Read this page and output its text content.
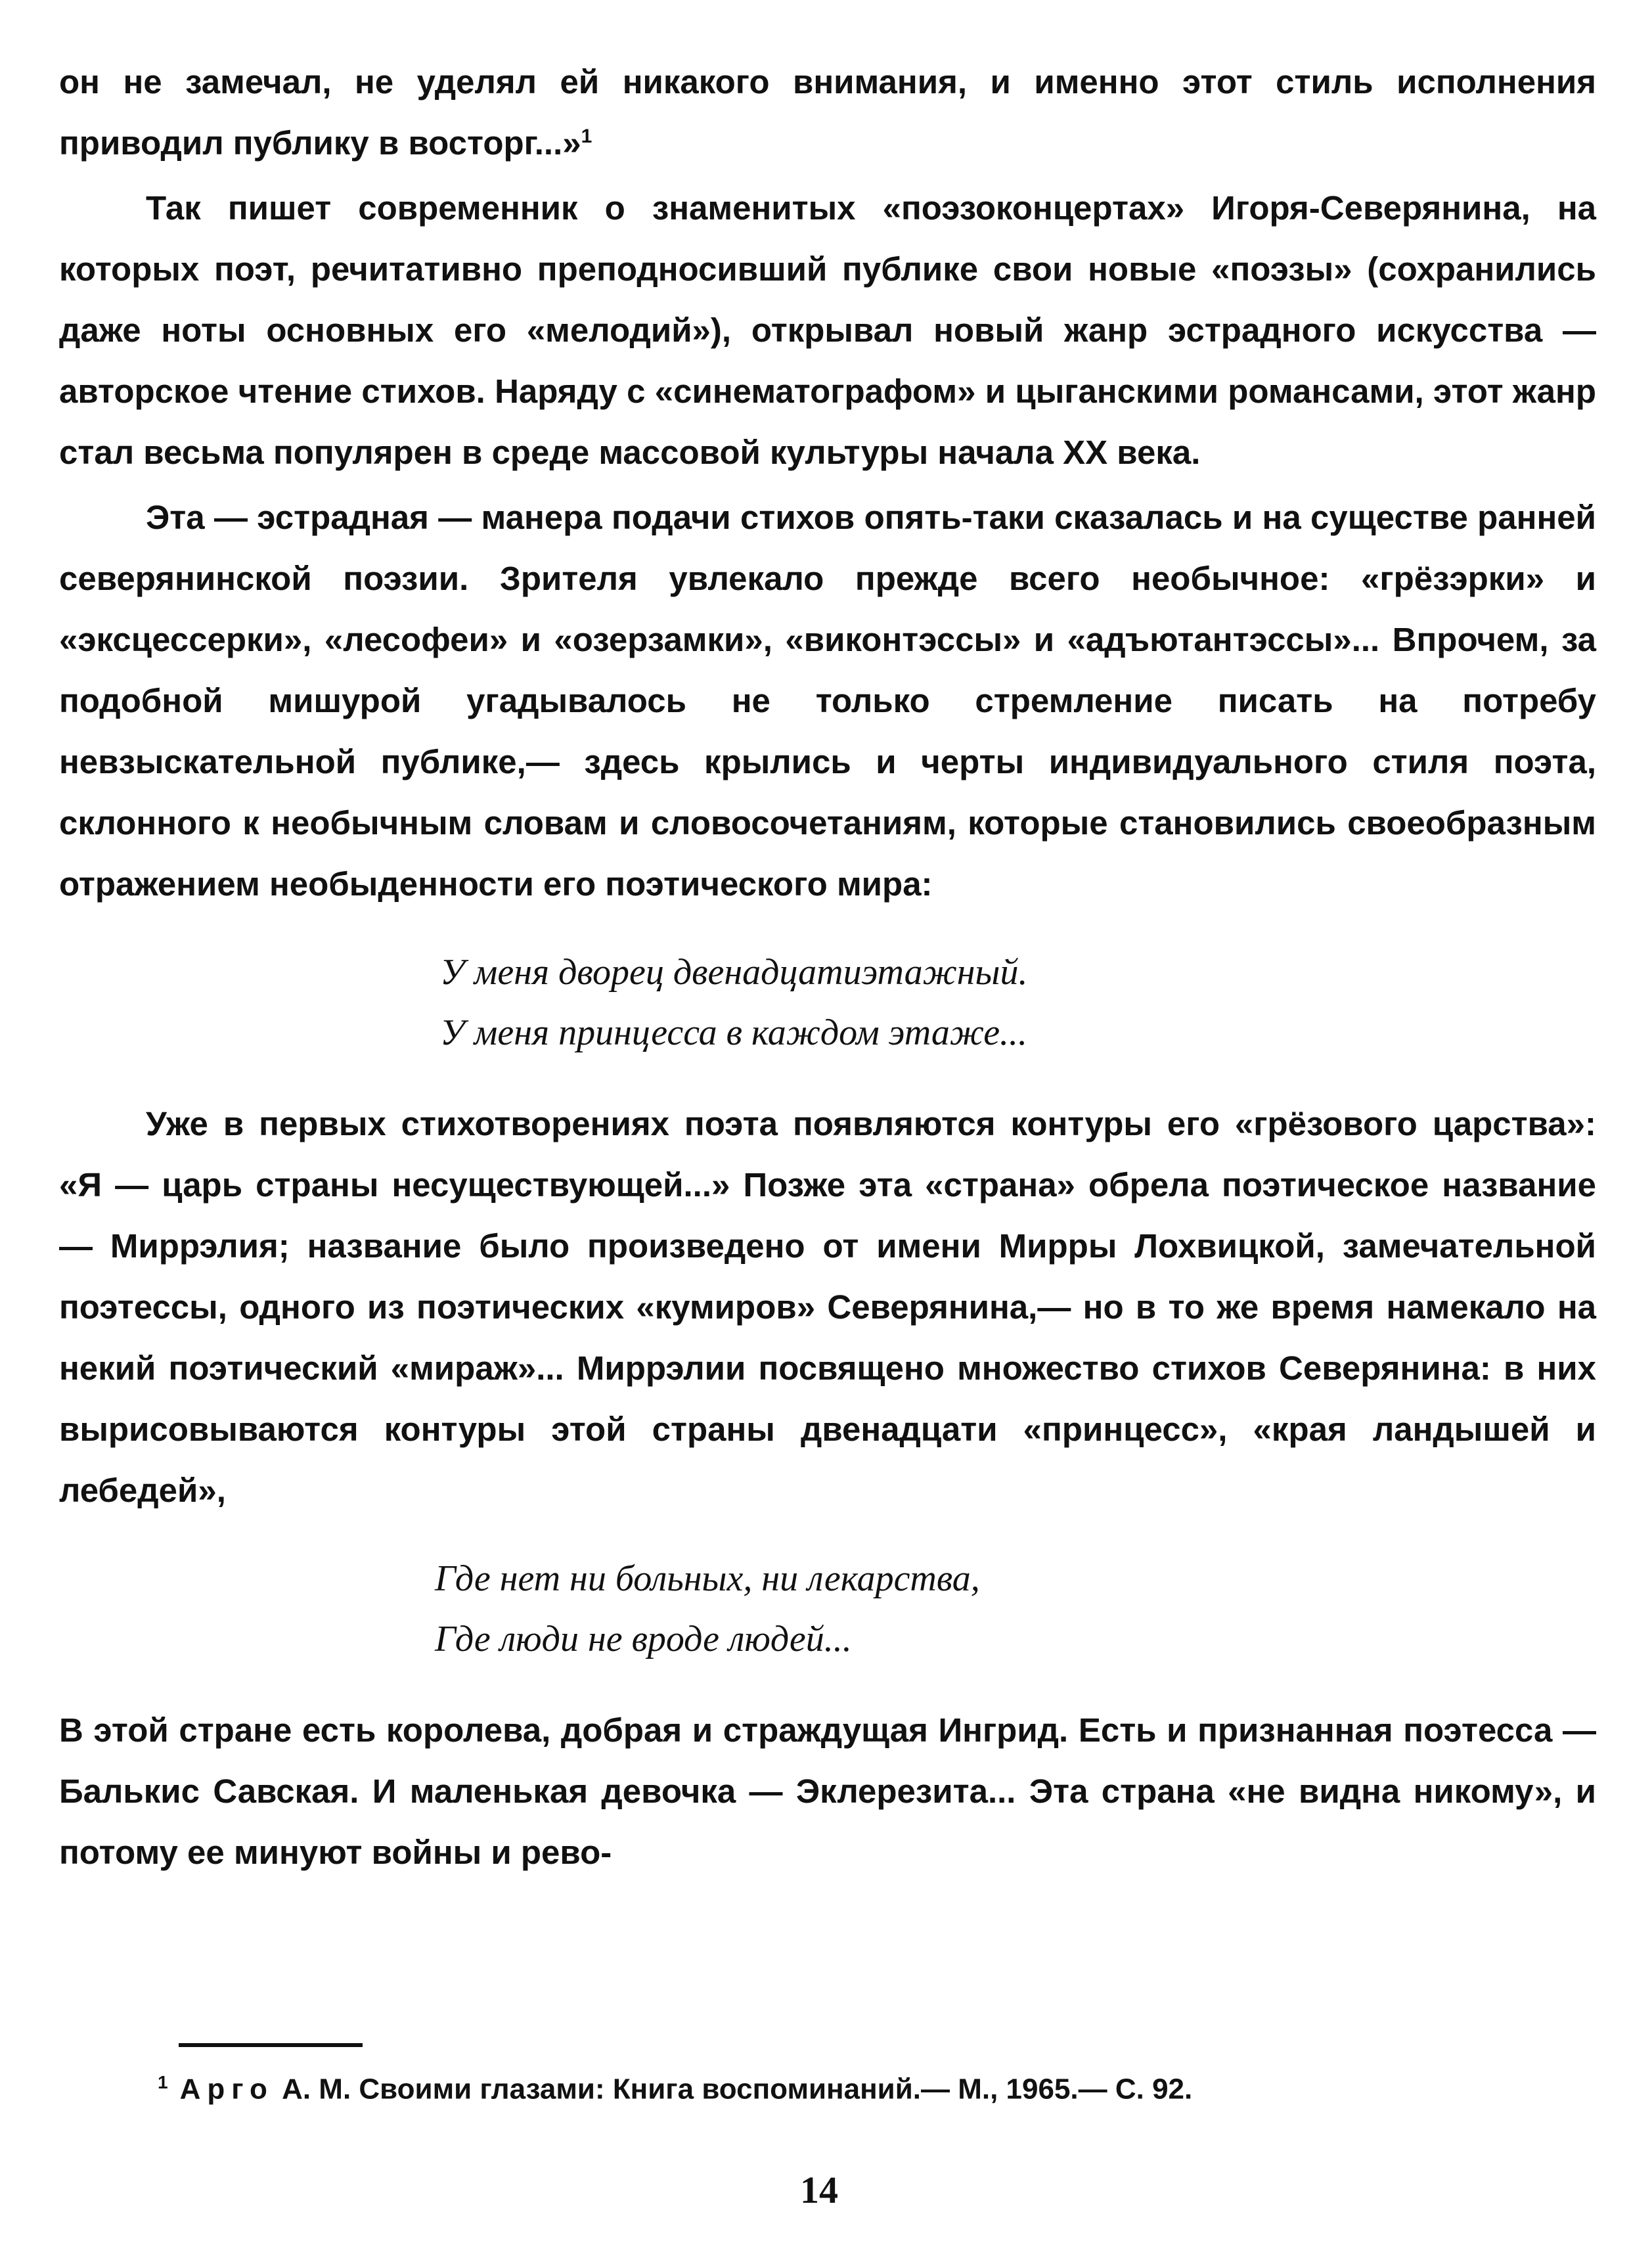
он не замечал, не уделял ей никакого внимания, и именно этот стиль исполнения приводил публику в восторг...»$^1$

Так пишет современник о знаменитых «поэзоконцертах» Игоря-Северянина, на которых поэт, речитативно преподносивший публике свои новые «поэзы» (сохранились даже ноты основных его «мелодий»), открывал новый жанр эстрадного искусства — авторское чтение стихов. Наряду с «синематографом» и цыганскими романсами, этот жанр стал весьма популярен в среде массовой культуры начала XX века.

Эта — эстрадная — манера подачи стихов опять-таки сказалась и на существе ранней северянинской поэзии. Зрителя увлекало прежде всего необычное: «грёзэрки» и «эксцессерки», «лесофеи» и «озерзамки», «виконтэссы» и «адъютантэссы»... Впрочем, за подобной мишурой угадывалось не только стремление писать на потребу невзыскательной публике,— здесь крылись и черты индивидуального стиля поэта, склонного к необычным словам и словосочетаниям, которые становились своеобразным отражением необыденности его поэтического мира:

У меня дворец двенадцатиэтажный.
У меня принцесса в каждом этаже...

Уже в первых стихотворениях поэта появляются контуры его «грёзового царства»: «Я — царь страны несуществующей...» Позже эта «страна» обрела поэтическое название — Миррэлия; название было произведено от имени Мирры Лохвицкой, замечательной поэтессы, одного из поэтических «кумиров» Северянина,— но в то же время намекало на некий поэтический «мираж»... Миррэлии посвящено множество стихов Северянина: в них вырисовываются контуры этой страны двенадцати «принцесс», «края ландышей и лебедей»,

Где нет ни больных, ни лекарства,
Где люди не вроде людей...

В этой стране есть королева, добрая и страждущая Ингрид. Есть и признанная поэтесса — Балькис Савская. И маленькая девочка — Эклерезита... Эта страна «не видна никому», и потому ее минуют войны и рево-

$^1$ Арго А. М. Своими глазами: Книга воспоминаний.— М., 1965.— С. 92.
14
